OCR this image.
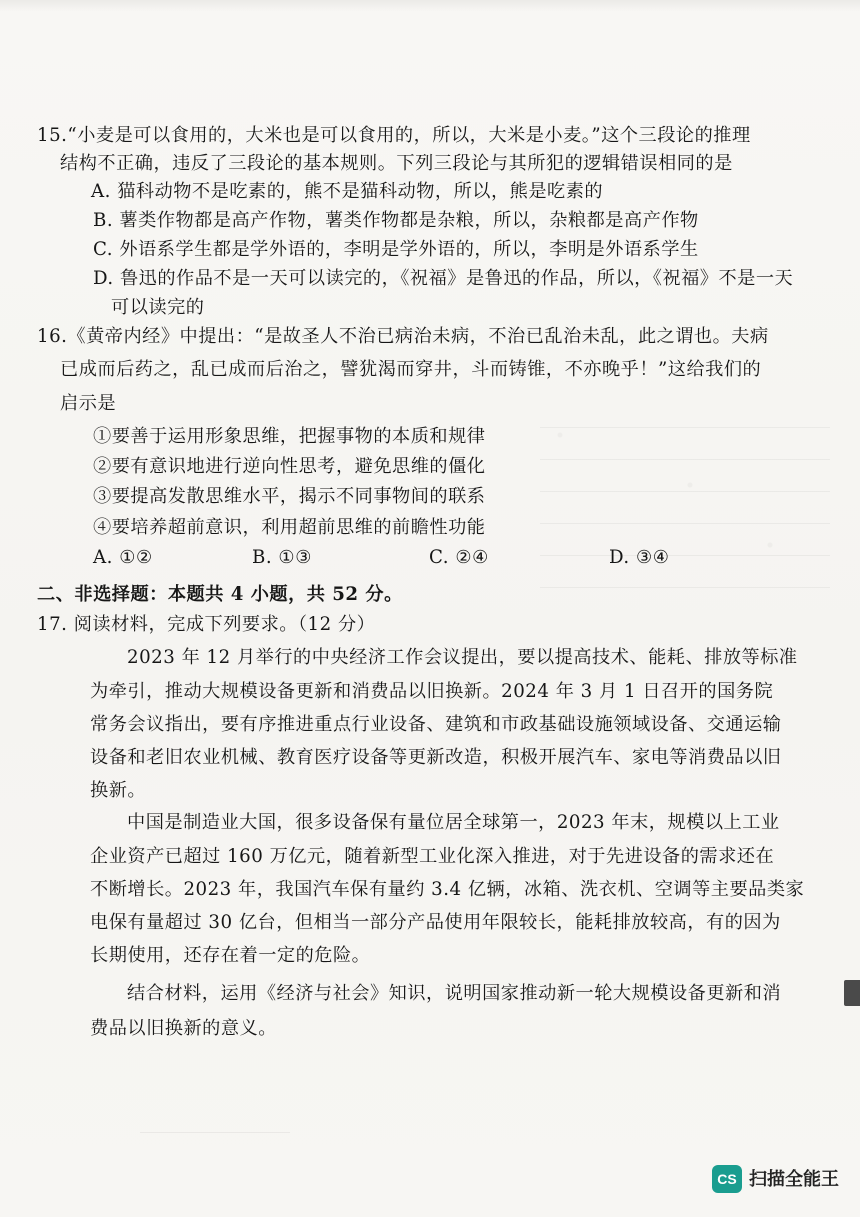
15.“小麦是可以食用的，大米也是可以食用的，所以，大米是小麦。”这个三段论的推理
结构不正确，违反了三段论的基本规则。下列三段论与其所犯的逻辑错误相同的是
A. 猫科动物不是吃素的，熊不是猫科动物，所以，熊是吃素的
B. 薯类作物都是高产作物，薯类作物都是杂粮，所以，杂粮都是高产作物
C. 外语系学生都是学外语的，李明是学外语的，所以，李明是外语系学生
D. 鲁迅的作品不是一天可以读完的，《祝福》是鲁迅的作品，所以，《祝福》不是一天
可以读完的
16.《黄帝内经》中提出：“是故圣人不治已病治未病，不治已乱治未乱，此之谓也。夫病
已成而后药之，乱已成而后治之，譬犹渴而穿井，斗而铸锥，不亦晚乎！”这给我们的
启示是
①要善于运用形象思维，把握事物的本质和规律
②要有意识地进行逆向性思考，避免思维的僵化
③要提高发散思维水平，揭示不同事物间的联系
④要培养超前意识，利用超前思维的前瞻性功能
A. ①②	B. ①③	C. ②④	D. ③④
二、非选择题：本题共 4 小题，共 52 分。
17. 阅读材料，完成下列要求。（12 分）
2023 年 12 月举行的中央经济工作会议提出，要以提高技术、能耗、排放等标准
为牵引，推动大规模设备更新和消费品以旧换新。2024 年 3 月 1 日召开的国务院
常务会议指出，要有序推进重点行业设备、建筑和市政基础设施领域设备、交通运输
设备和老旧农业机械、教育医疗设备等更新改造，积极开展汽车、家电等消费品以旧
换新。
中国是制造业大国，很多设备保有量位居全球第一，2023 年末，规模以上工业
企业资产已超过 160 万亿元，随着新型工业化深入推进，对于先进设备的需求还在
不断增长。2023 年，我国汽车保有量约 3.4 亿辆，冰箱、洗衣机、空调等主要品类家
电保有量超过 30 亿台，但相当一部分产品使用年限较长，能耗排放较高，有的因为
长期使用，还存在着一定的危险。
结合材料，运用《经济与社会》知识，说明国家推动新一轮大规模设备更新和消
费品以旧换新的意义。
CS 扫描全能王
